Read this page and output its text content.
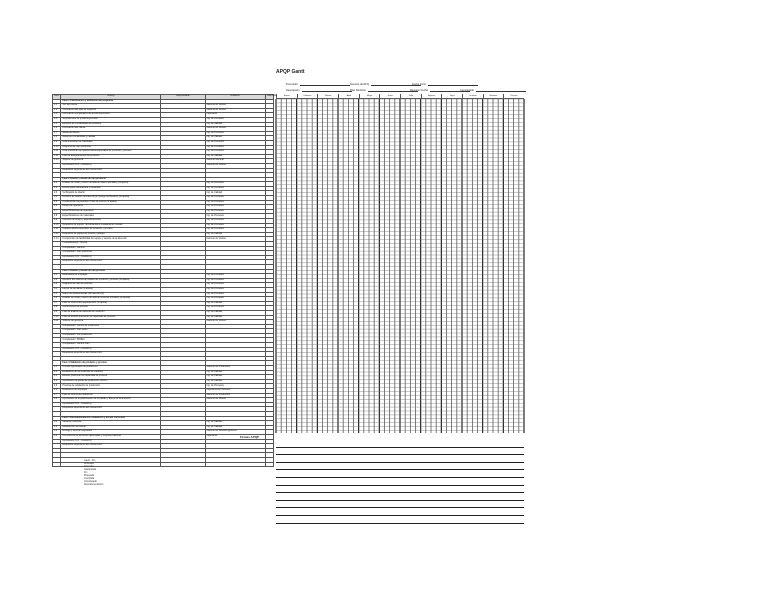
APQP Gantt
Proveedor	Numero de RFQ	Fecha Inicio
Descripción	Plan Revision	Revision Fecha	Completado
Item	Activity	Responsable	Duración	Total Días
	Fase 1 Planificación y definición del programa			
1.1	Voz del cliente		Gerente de Ventas	
1.2	Información del plan de negocios		Gerente de Ventas	
1.3	Información comparativa del producto/proceso		Ingeniería	
1.4	Suposiciones de producto/proceso		Ing. de Procesos	
1.5	Estudios de confiabilidad del producto		Ing. de Calidad	
1.6	Información del cliente		Gerente de Ventas	
1.7	Metas de diseño		Ing. de Procesos	
1.8	Metas de confiabilidad y calidad		Ing. de Calidad	
1.9	Lista preliminar de materiales		Ing. de Procesos	
1.10	Diagrama de flujo preliminar		Ing. de Procesos	
1.11	Lista preliminar de características especiales de producto y proceso		Ing. de Procesos	
1.12	Plan de aseguramiento del producto		Ing. de Calidad	
1.13	Soporte de gerencia		Gerente General	
	Aprobación PPF - SOA/RFQ		Gerente de Ventas	
	Requisitos específicos del cliente/CSR			

	Fase 2 Diseño y desarrollo del producto			
2.1	Análisis de modo y efecto de falla de diseño (DFMEA) (Si aplica)		Ing. de Procesos	
2.2	Diseño para manufactura y ensamble		Ing. de Procesos	
2.3	Verificación de diseño		Ing. de Calidad	
2.4	Revisión de diseño (formato APQP Design Verification) (Si aplica)		Ing. de Procesos	
2.5	Construcción de prototipo / Plan de control (Si aplica)		Ing. de Procesos	
2.6	Dibujo de ingeniería		Ing. de Procesos	
2.7	Especificaciones de ingeniería		Ing. de Procesos	
2.8	Especificaciones de materiales		Ing. de Procesos	
2.9	Cambios de dibujo y especificaciones		Ing. de Procesos	
2.10	Requisitos de equipo, herramientas e instalaciones nuevas		Ing. de Procesos	
2.11	Características especiales de producto y proceso		Ing. de Procesos	
2.12	Requisitos de equipo de prueba y gauges		Ing. de Calidad	
2.13	Compromiso de factibilidad del equipo y soporte de la dirección		Gerente de Ventas	
	Prueba/Ensayo / Cliente			
	Completado / Cambio			
	Completado / Plan preliminar			
	Aprobación PPF - SOA/RFQ			
	Requisitos específicos del cliente/CSR			

	Fase 3 Diseño y desarrollo del proceso			
3.1	Estándares de empaque		Ing. de Procesos	
3.2	Revisión del sistema de calidad del producto y proceso (Si aplica)		Ing. de Procesos	
3.3	Diagrama de flujo de proceso		Ing. de Procesos	
3.4	Layout de la planta (Si aplica)		Ing. de Procesos	
3.5	Matriz de características (formato APQP)		Ing. de Procesos	
3.6	Análisis de modo y efecto de falla del proceso (PFMEA) (Si aplica)		Ing. de Procesos	
3.7	Plan de control de preproducción (Si aplica)		Ing. de Calidad	
3.8	Instrucciones de proceso		Ing. de Procesos	
3.9	Plan de análisis de sistemas de medición		Ing. de Calidad	
3.10	Plan de estudio preliminar de capacidad de proceso		Ing. de Calidad	
3.11	Soporte de gerencia		Gerente de Ventas	
	Completado / Control de producción			
	Completado / Plan piloto			
	Completado / Pre-producción			
	Completado / PFMEA			
	Completado / Control Plan			
	Aprobación PPF - SOA/RFQ			
	Requisitos específicos del cliente/CSR			

	Fase 4 Validación de producto y proceso			
4.1	Corrida significativa de producción		Gerente de Producción	
4.2	Evaluación de los sistemas de medición		Ing. de Calidad	
4.3	Estudio preliminar de capacidad de proceso		Ing. de Calidad	
4.4	Aprobación de partes de producción (PPAP)		Ing. de Calidad	
4.5	Pruebas de validación de producción		Ing. de Procesos	
4.6	Evaluación de empaque		Ingeniería de Procesos	
4.7	Plan de control de producción		Gerente de Producción	
4.8	Aprobación de la planificación de la calidad y apoyo de la dirección		Gerente de Ventas	
	Aprobación PPF - SOA/RFQ			
	Requisitos específicos del cliente/CSR			

	Fase 5 Retroalimentación, evaluación y acción correctiva			
5.1	Variación reducida		Ing. de Calidad	
5.2	Satisfacción del cliente		Ing. de Calidad	
5.3	Entrega y servicio mejorados		Gerente de Ventas/Ingeniería	
5.4	Uso efectivo de lecciones aprendidas y mejores prácticas		Ingeniería	
	Aprobación PPF - SOA/RFQ			
	Requisitos específicos del cliente/CSR			

Enero	Febrero	Marzo	Abril	Mayo	Junio	Julio	Agosto	Sept	Octubre	Noviem.	Diciem.
Firmas APQP
Gantt - Fin
Actividad
Atrasada
Adelantada
Fin
Planeada
Cumplida
Completado
Retroalimentación
